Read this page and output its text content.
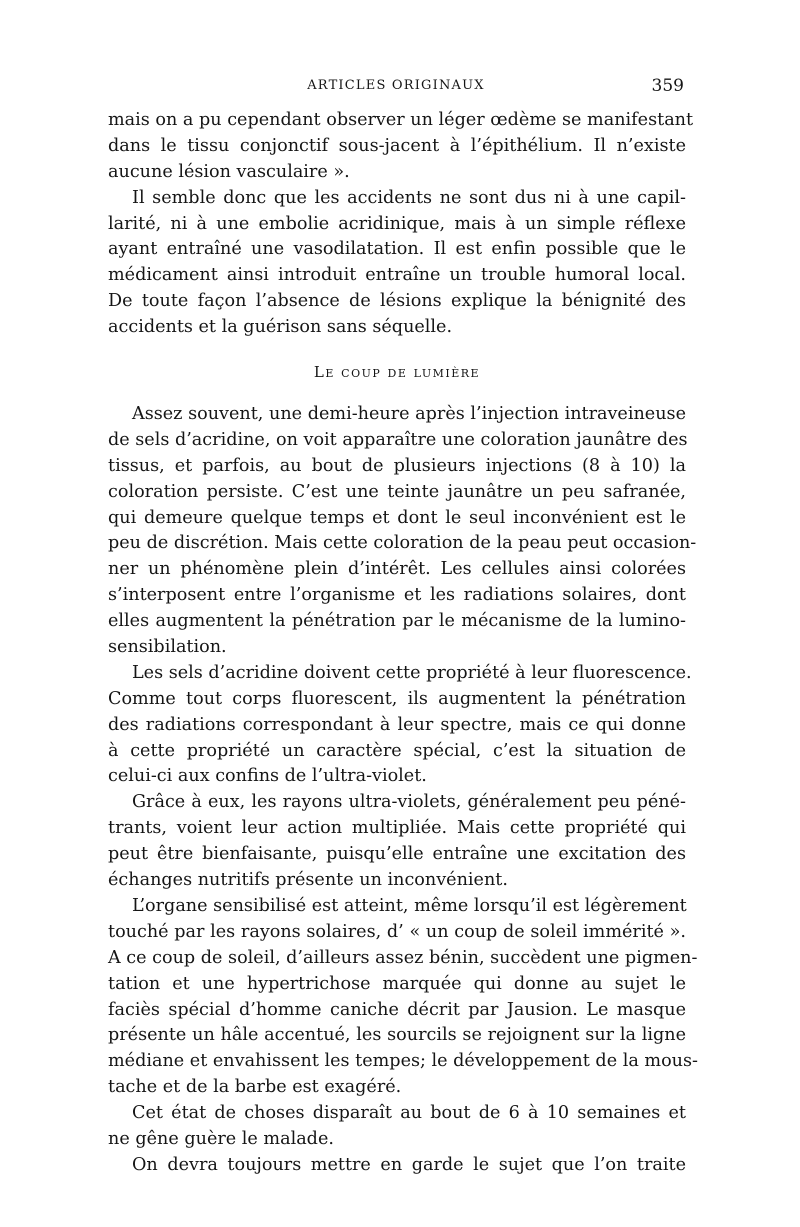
ARTICLES ORIGINAUX	359
mais on a pu cependant observer un léger œdème se manifestant
dans le tissu conjonctif sous-jacent à l’épithélium. Il n’existe
aucune lésion vasculaire ».
Il semble donc que les accidents ne sont dus ni à une capil-
larité, ni à une embolie acridinique, mais à un simple réflexe
ayant entraîné une vasodilatation. Il est enfin possible que le
médicament ainsi introduit entraîne un trouble humoral local.
De toute façon l’absence de lésions explique la bénignité des
accidents et la guérison sans séquelle.
Le coup de lumière
Assez souvent, une demi-heure après l’injection intraveineuse
de sels d’acridine, on voit apparaître une coloration jaunâtre des
tissus, et parfois, au bout de plusieurs injections (8 à 10) la
coloration persiste. C’est une teinte jaunâtre un peu safranée,
qui demeure quelque temps et dont le seul inconvénient est le
peu de discrétion. Mais cette coloration de la peau peut occasion-
ner un phénomène plein d’intérêt. Les cellules ainsi colorées
s’interposent entre l’organisme et les radiations solaires, dont
elles augmentent la pénétration par le mécanisme de la lumino-
sensibilation.
Les sels d’acridine doivent cette propriété à leur fluorescence.
Comme tout corps fluorescent, ils augmentent la pénétration
des radiations correspondant à leur spectre, mais ce qui donne
à cette propriété un caractère spécial, c’est la situation de
celui-ci aux confins de l’ultra-violet.
Grâce à eux, les rayons ultra-violets, généralement peu péné-
trants, voient leur action multipliée. Mais cette propriété qui
peut être bienfaisante, puisqu’elle entraîne une excitation des
échanges nutritifs présente un inconvénient.
L’organe sensibilisé est atteint, même lorsqu’il est légèrement
touché par les rayons solaires, d’ « un coup de soleil immérité ».
A ce coup de soleil, d’ailleurs assez bénin, succèdent une pigmen-
tation et une hypertrichose marquée qui donne au sujet le
faciès spécial d’homme caniche décrit par Jausion. Le masque
présente un hâle accentué, les sourcils se rejoignent sur la ligne
médiane et envahissent les tempes; le développement de la mous-
tache et de la barbe est exagéré.
Cet état de choses disparaît au bout de 6 à 10 semaines et
ne gêne guère le malade.
On devra toujours mettre en garde le sujet que l’on traite
